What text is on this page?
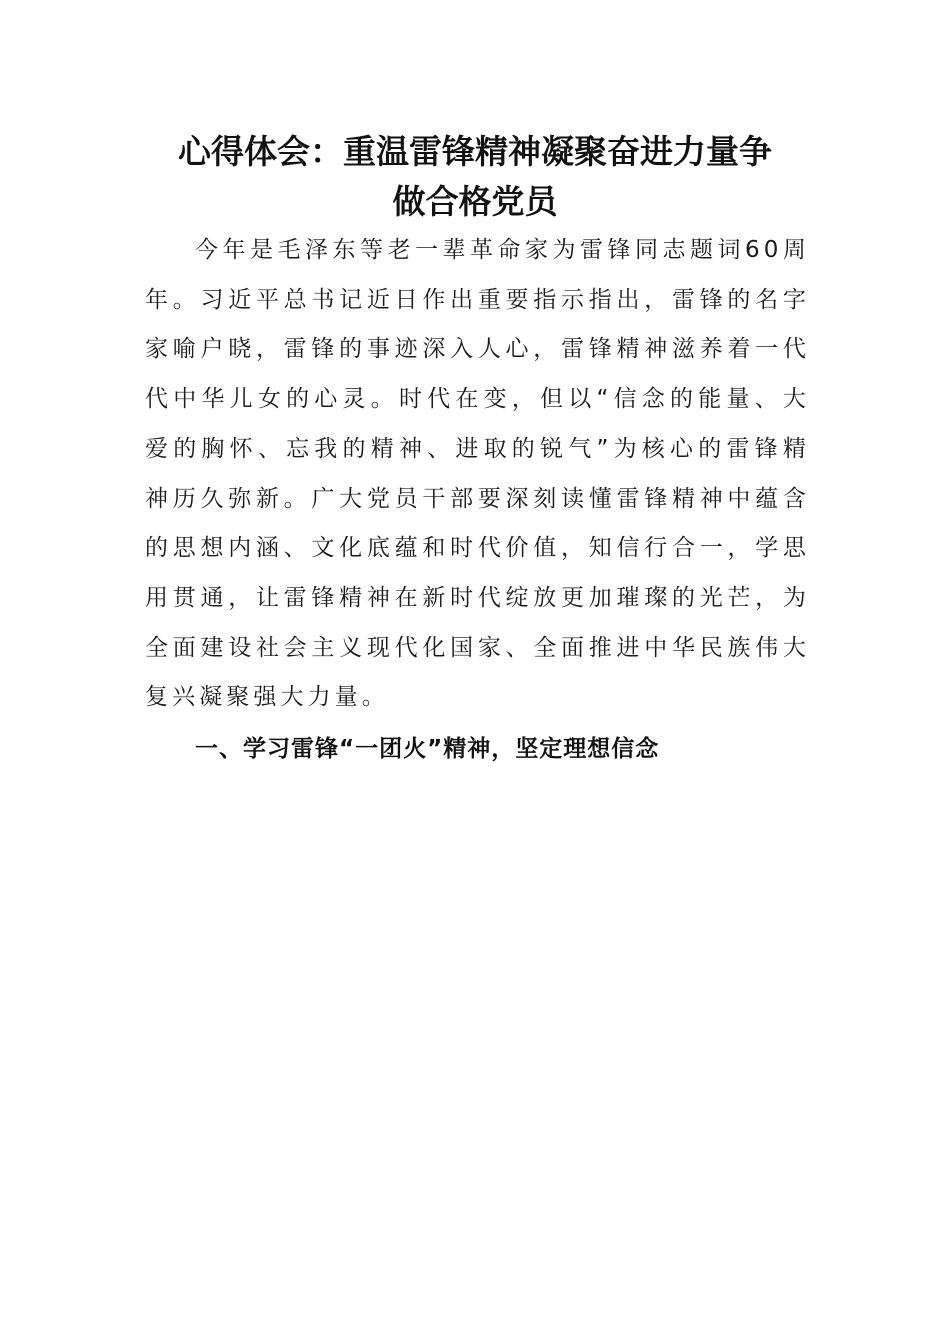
心得体会：重温雷锋精神凝聚奋进力量争
做合格党员

今年是毛泽东等老一辈革命家为雷锋同志题词60周年。习近平总书记近日作出重要指示指出，雷锋的名字家喻户晓，雷锋的事迹深入人心，雷锋精神滋养着一代代中华儿女的心灵。时代在变，但以“信念的能量、大爱的胸怀、忘我的精神、进取的锐气”为核心的雷锋精神历久弥新。广大党员干部要深刻读懂雷锋精神中蕴含的思想内涵、文化底蕴和时代价值，知信行合一，学思用贯通，让雷锋精神在新时代绽放更加璀璨的光芒，为全面建设社会主义现代化国家、全面推进中华民族伟大复兴凝聚强大力量。

一、学习雷锋“一团火”精神，坚定理想信念
